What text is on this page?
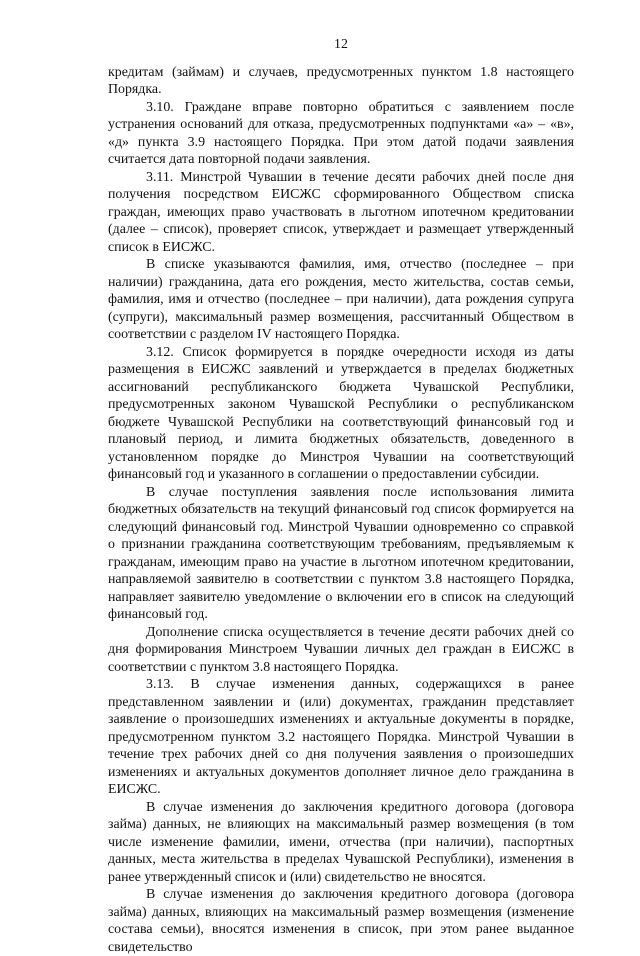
12

кредитам (займам) и случаев, предусмотренных пунктом 1.8 настоящего Порядка.

3.10. Граждане вправе повторно обратиться с заявлением после устранения оснований для отказа, предусмотренных подпунктами «а» – «в», «д» пункта 3.9 настоящего Порядка. При этом датой подачи заявления считается дата повторной подачи заявления.

3.11. Минстрой Чувашии в течение десяти рабочих дней после дня получения посредством ЕИСЖС сформированного Обществом списка граждан, имеющих право участвовать в льготном ипотечном кредитовании (далее – список), проверяет список, утверждает и размещает утвержденный список в ЕИСЖС.

В списке указываются фамилия, имя, отчество (последнее – при наличии) гражданина, дата его рождения, место жительства, состав семьи, фамилия, имя и отчество (последнее – при наличии), дата рождения супруга (супруги), максимальный размер возмещения, рассчитанный Обществом в соответствии с разделом IV настоящего Порядка.

3.12. Список формируется в порядке очередности исходя из даты размещения в ЕИСЖС заявлений и утверждается в пределах бюджетных ассигнований республиканского бюджета Чувашской Республики, предусмотренных законом Чувашской Республики о республиканском бюджете Чувашской Республики на соответствующий финансовый год и плановый период, и лимита бюджетных обязательств, доведенного в установленном порядке до Минстроя Чувашии на соответствующий финансовый год и указанного в соглашении о предоставлении субсидии.

В случае поступления заявления после использования лимита бюджетных обязательств на текущий финансовый год список формируется на следующий финансовый год. Минстрой Чувашии одновременно со справкой о признании гражданина соответствующим требованиям, предъявляемым к гражданам, имеющим право на участие в льготном ипотечном кредитовании, направляемой заявителю в соответствии с пунктом 3.8 настоящего Порядка, направляет заявителю уведомление о включении его в список на следующий финансовый год.

Дополнение списка осуществляется в течение десяти рабочих дней со дня формирования Минстроем Чувашии личных дел граждан в ЕИСЖС в соответствии с пунктом 3.8 настоящего Порядка.

3.13. В случае изменения данных, содержащихся в ранее представленном заявлении и (или) документах, гражданин представляет заявление о произошедших изменениях и актуальные документы в порядке, предусмотренном пунктом 3.2 настоящего Порядка. Минстрой Чувашии в течение трех рабочих дней со дня получения заявления о произошедших изменениях и актуальных документов дополняет личное дело гражданина в ЕИСЖС.

В случае изменения до заключения кредитного договора (договора займа) данных, не влияющих на максимальный размер возмещения (в том числе изменение фамилии, имени, отчества (при наличии), паспортных данных, места жительства в пределах Чувашской Республики), изменения в ранее утвержденный список и (или) свидетельство не вносятся.

В случае изменения до заключения кредитного договора (договора займа) данных, влияющих на максимальный размер возмещения (изменение состава семьи), вносятся изменения в список, при этом ранее выданное свидетельство
